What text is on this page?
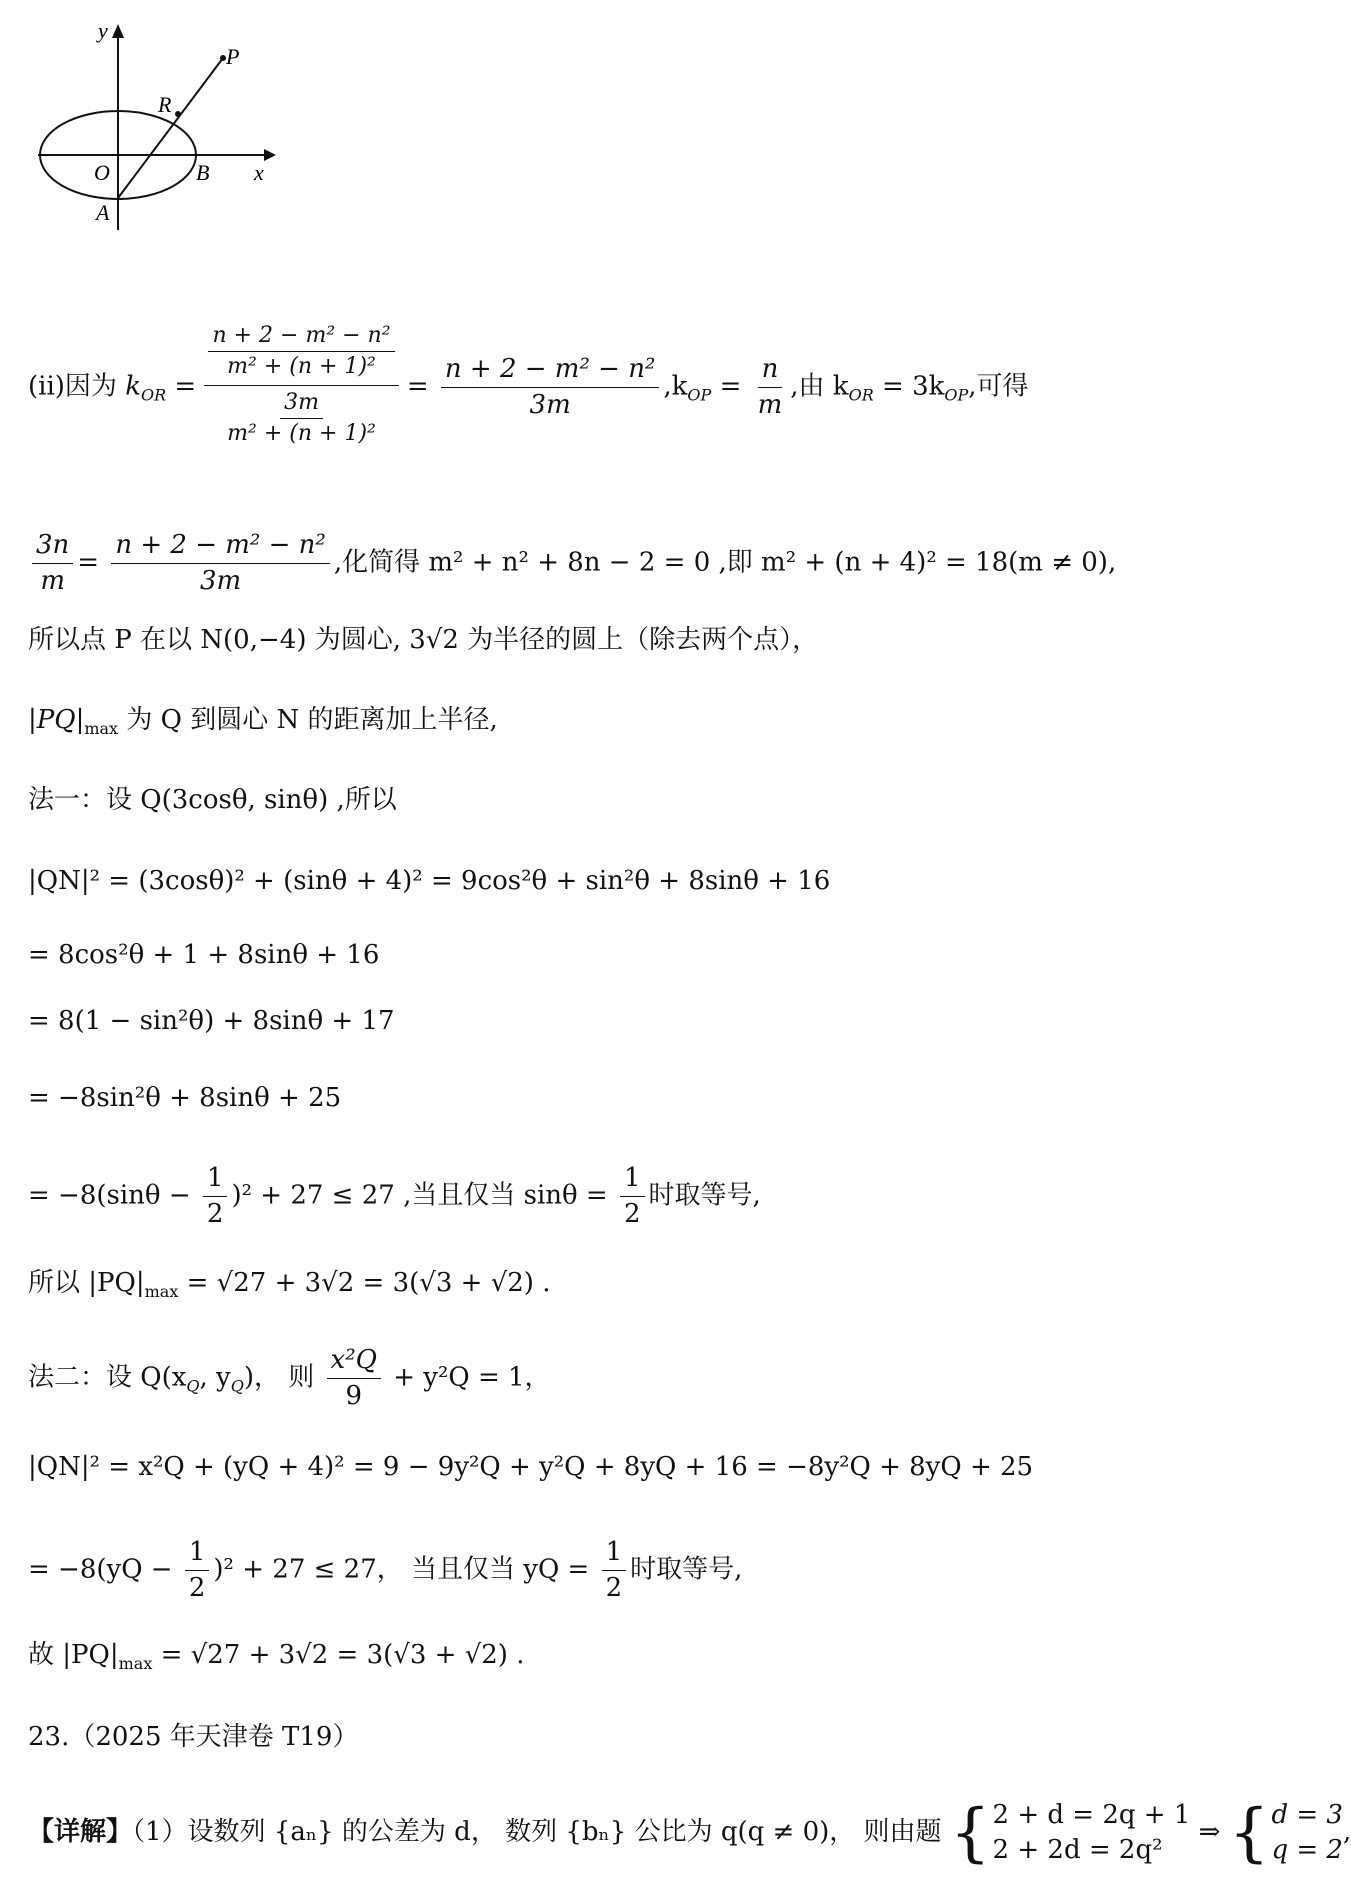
y
x
P
R
O	B
A
(ii)因为 $k_{OR} = \frac{\frac{\text{n + 2 − m² − n²}}{\text{m² + (n + 1)²}}}{\frac{3m}{\text{m² + (n + 1)²}}} = \frac{\text{n + 2 − m² − n²}}{3m} ,k_{OP} = \frac{n}{m}$ ,由 $k_{OR} = 3k_{OP}$,可得
$\frac{3n}{m} = \frac{\text{n + 2 − m² − n²}}{3m}$ ,化简得 m² + n² + 8n − 2 = 0 ,即 m² + (n + 4)² = 18(m ≠ 0),
所以点 P 在以 N(0,−4) 为圆心, 3√2 为半径的圆上（除去两个点），
$|PQ|_{max}$ 为 Q 到圆心 N 的距离加上半径,
法一：设 Q(3cosθ, sinθ) ,所以
|QN|² = (3cosθ)² + (sinθ + 4)² = 9cos²θ + sin²θ + 8sinθ + 16
= 8cos²θ + 1 + 8sinθ + 16
= 8(1 − sin²θ) + 8sinθ + 17
= −8sin²θ + 8sinθ + 25
= $-8(\sin\theta - \frac{1}{2} )^2 + 27 \le 27$ ,当且仅当 $\sin\theta = \frac{1}{2}$ 时取等号,
所以 $|PQ|_{max} = √27 + 3√2 = 3(√3 + √2)$ .
法二：设 $Q(x_Q$, $y_Q$)， 则 $\frac{\text{x²Q}}{9} + y^2Q = 1$，
|QN|² = x²Q + (yQ + 4)² = 9 − 9y²Q + y²Q + 8yQ + 16 = −8y²Q + 8yQ + 25
= $-8(yQ - \frac{1}{2} )^2 + 27 \le 27$， 当且仅当 yQ = $\frac{1}{2}$ 时取等号,
故 $|PQ|_{max} = √27 + 3√2 = 3(√3 + √2)$ .
23.（2025 年天津卷 T19）
【详解】（1）设数列 {aₙ} 的公差为 d， 数列 {bₙ} 公比为 q(q ≠ 0)， 则由题 { 2 + d = 2q + 1
2 + 2d = 2q²
⇒ { d = 3
q = 2
,
